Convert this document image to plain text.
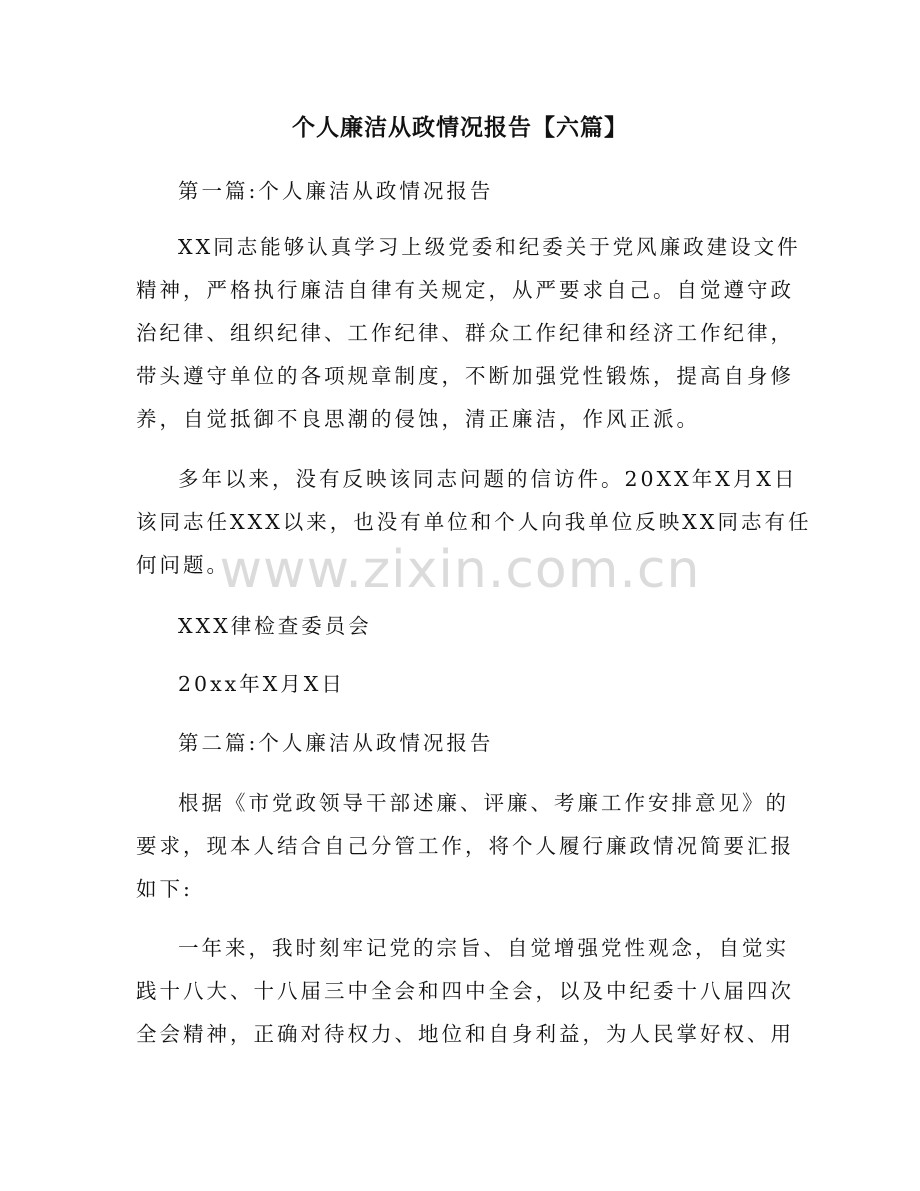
个人廉洁从政情况报告【六篇】
第一篇:个人廉洁从政情况报告
XX同志能够认真学习上级党委和纪委关于党风廉政建设文件
精神，严格执行廉洁自律有关规定，从严要求自己。自觉遵守政
治纪律、组织纪律、工作纪律、群众工作纪律和经济工作纪律，
带头遵守单位的各项规章制度，不断加强党性锻炼，提高自身修
养，自觉抵御不良思潮的侵蚀，清正廉洁，作风正派。
多年以来，没有反映该同志问题的信访件。20XX年X月X日
该同志任XXX以来，也没有单位和个人向我单位反映XX同志有任
何问题。
XXX律检查委员会
20xx年X月X日
第二篇:个人廉洁从政情况报告
根据《市党政领导干部述廉、评廉、考廉工作安排意见》的
要求，现本人结合自己分管工作，将个人履行廉政情况简要汇报
如下:
一年来，我时刻牢记党的宗旨、自觉增强党性观念，自觉实
践十八大、十八届三中全会和四中全会，以及中纪委十八届四次
全会精神，正确对待权力、地位和自身利益，为人民掌好权、用
www.zixin.com.cn
